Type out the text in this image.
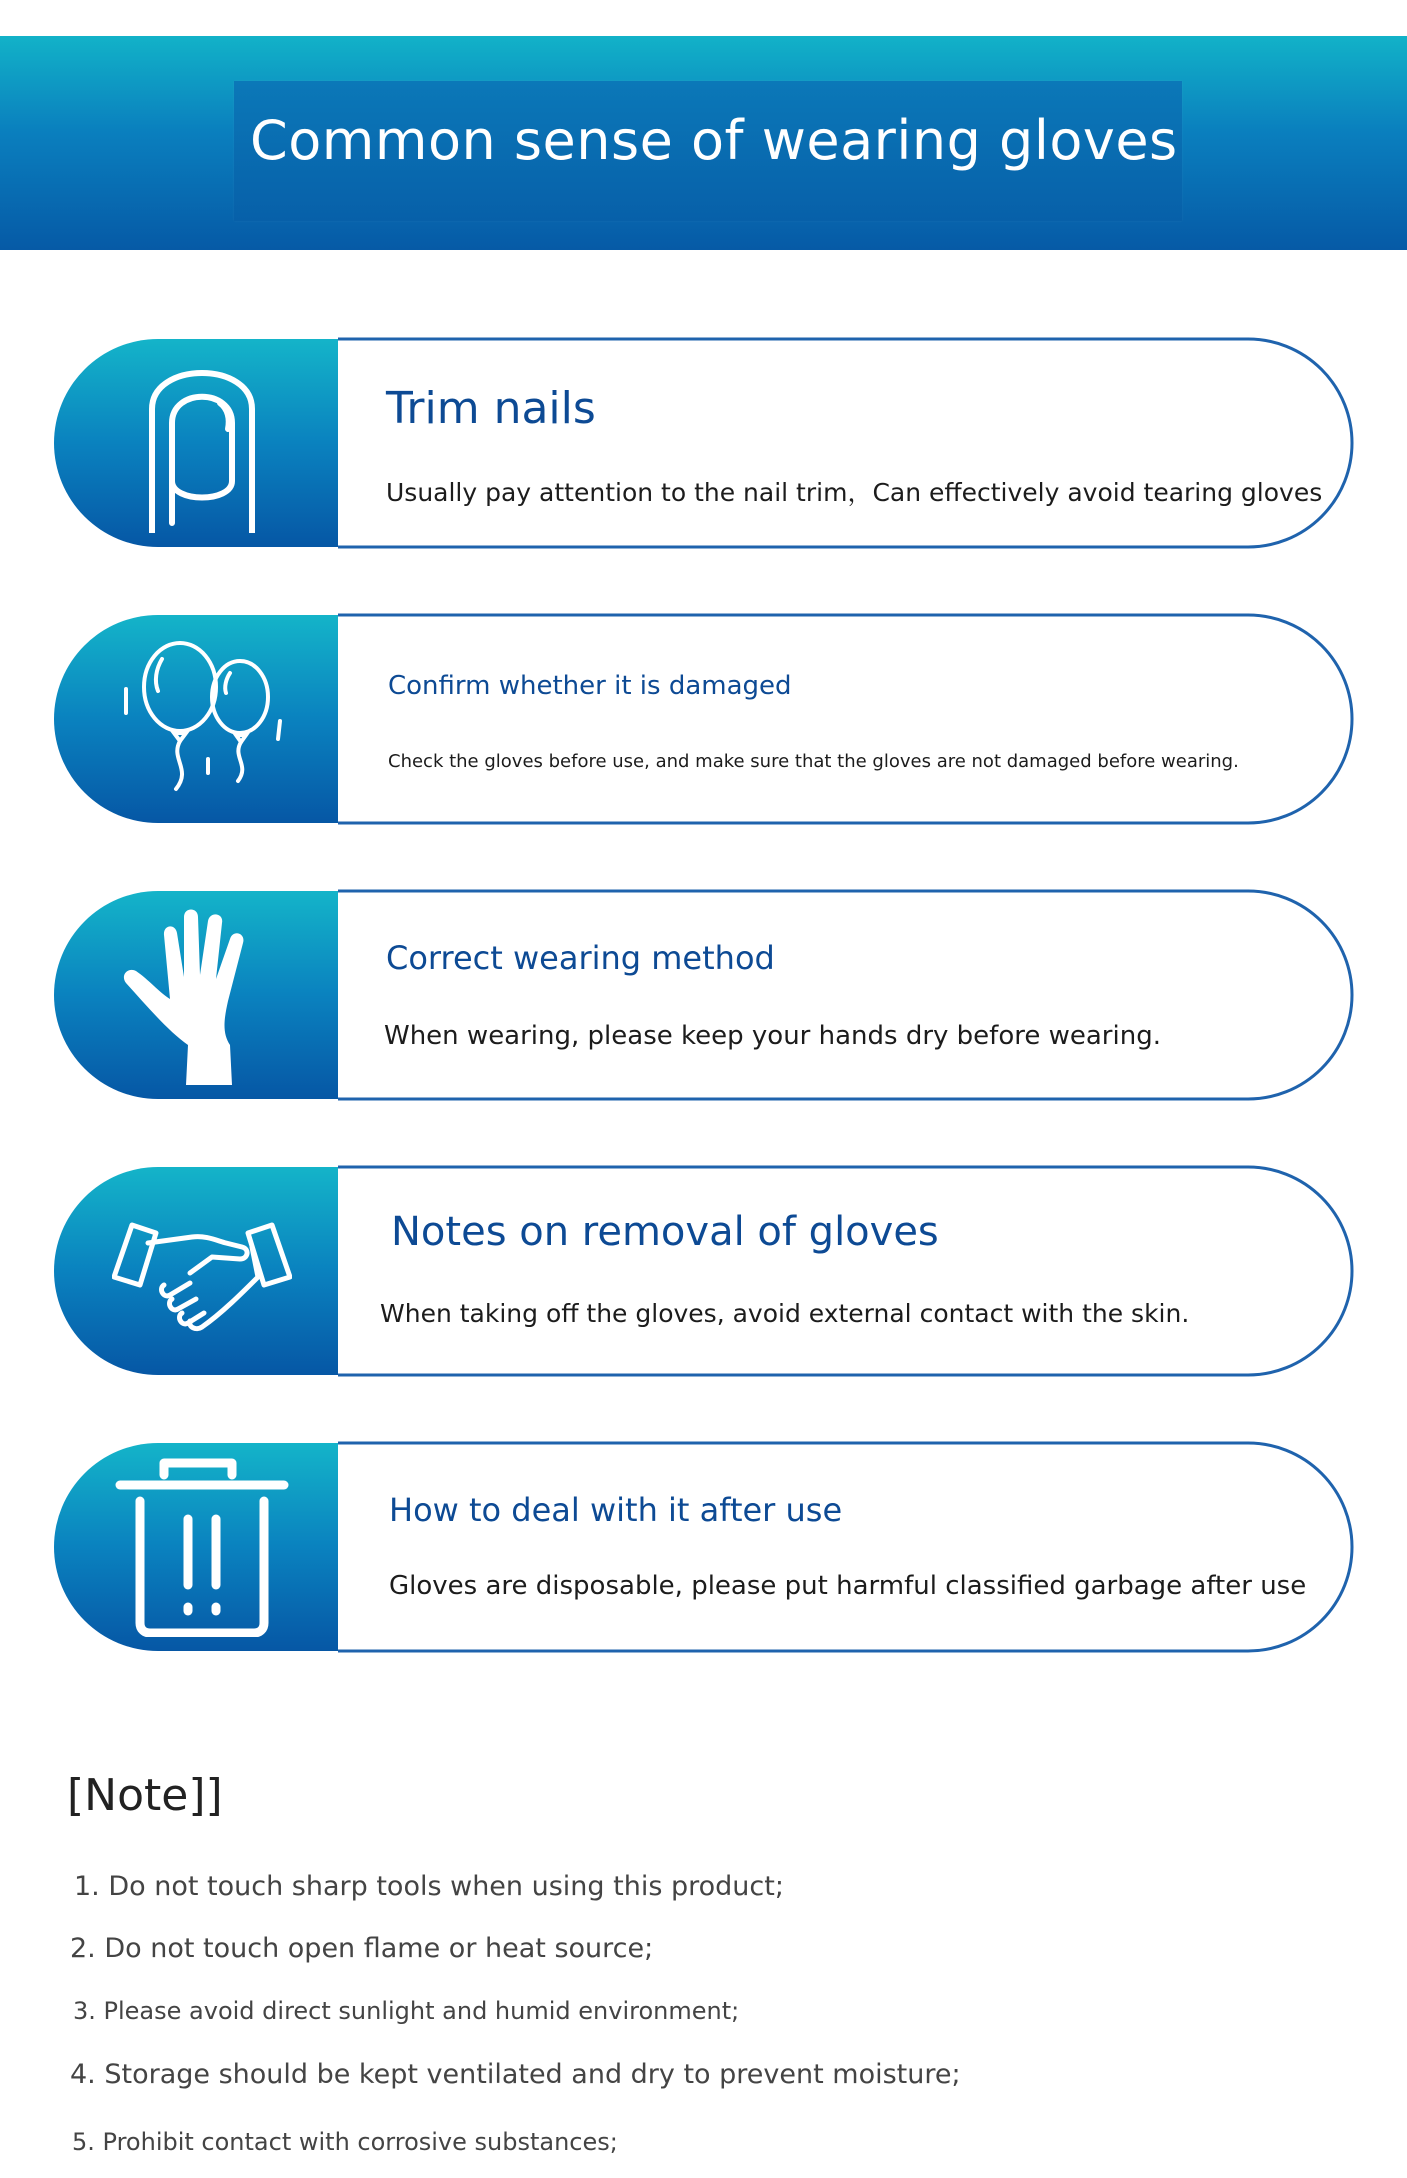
Common sense of wearing gloves
Trim nails
Usually pay attention to the nail trim，Can effectively avoid tearing gloves
Confirm whether it is damaged
Check the gloves before use, and make sure that the gloves are not damaged before wearing.
Correct wearing method
When wearing, please keep your hands dry before wearing.
Notes on removal of gloves
When taking off the gloves, avoid external contact with the skin.
How to deal with it after use
Gloves are disposable, please put harmful classified garbage after use
[Note]]
1. Do not touch sharp tools when using this product;
2. Do not touch open flame or heat source;
3. Please avoid direct sunlight and humid environment;
4. Storage should be kept ventilated and dry to prevent moisture;
5. Prohibit contact with corrosive substances;
